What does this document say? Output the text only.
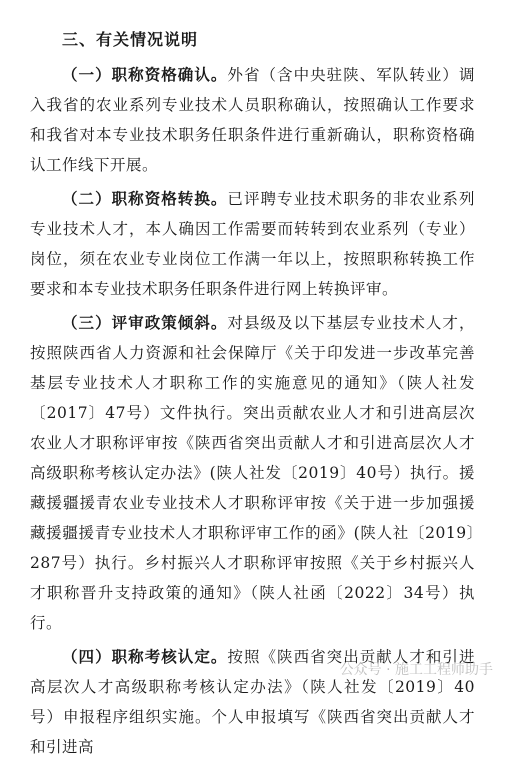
三、有关情况说明

（一）职称资格确认。外省（含中央驻陕、军队转业）调入我省的农业系列专业技术人员职称确认，按照确认工作要求和我省对本专业技术职务任职条件进行重新确认，职称资格确认工作线下开展。

（二）职称资格转换。已评聘专业技术职务的非农业系列专业技术人才，本人确因工作需要而转转到农业系列（专业）岗位，须在农业专业岗位工作满一年以上，按照职称转换工作要求和本专业技术职务任职条件进行网上转换评审。

（三）评审政策倾斜。对县级及以下基层专业技术人才，按照陕西省人力资源和社会保障厅《关于印发进一步改革完善基层专业技术人才职称工作的实施意见的通知》（陕人社发〔2017〕47号）文件执行。突出贡献农业人才和引进高层次农业人才职称评审按《陕西省突出贡献人才和引进高层次人才高级职称考核认定办法》(陕人社发〔2019〕40号）执行。援藏援疆援青农业专业技术人才职称评审按《关于进一步加强援藏援疆援青专业技术人才职称评审工作的函》(陕人社〔2019〕287号）执行。乡村振兴人才职称评审按照《关于乡村振兴人才职称晋升支持政策的通知》（陕人社函〔2022〕34号）执行。

（四）职称考核认定。按照《陕西省突出贡献人才和引进高层次人才高级职称考核认定办法》（陕人社发〔2019〕40号）申报程序组织实施。个人申报填写《陕西省突出贡献人才和引进高

公众号 · 施工工程师助手
